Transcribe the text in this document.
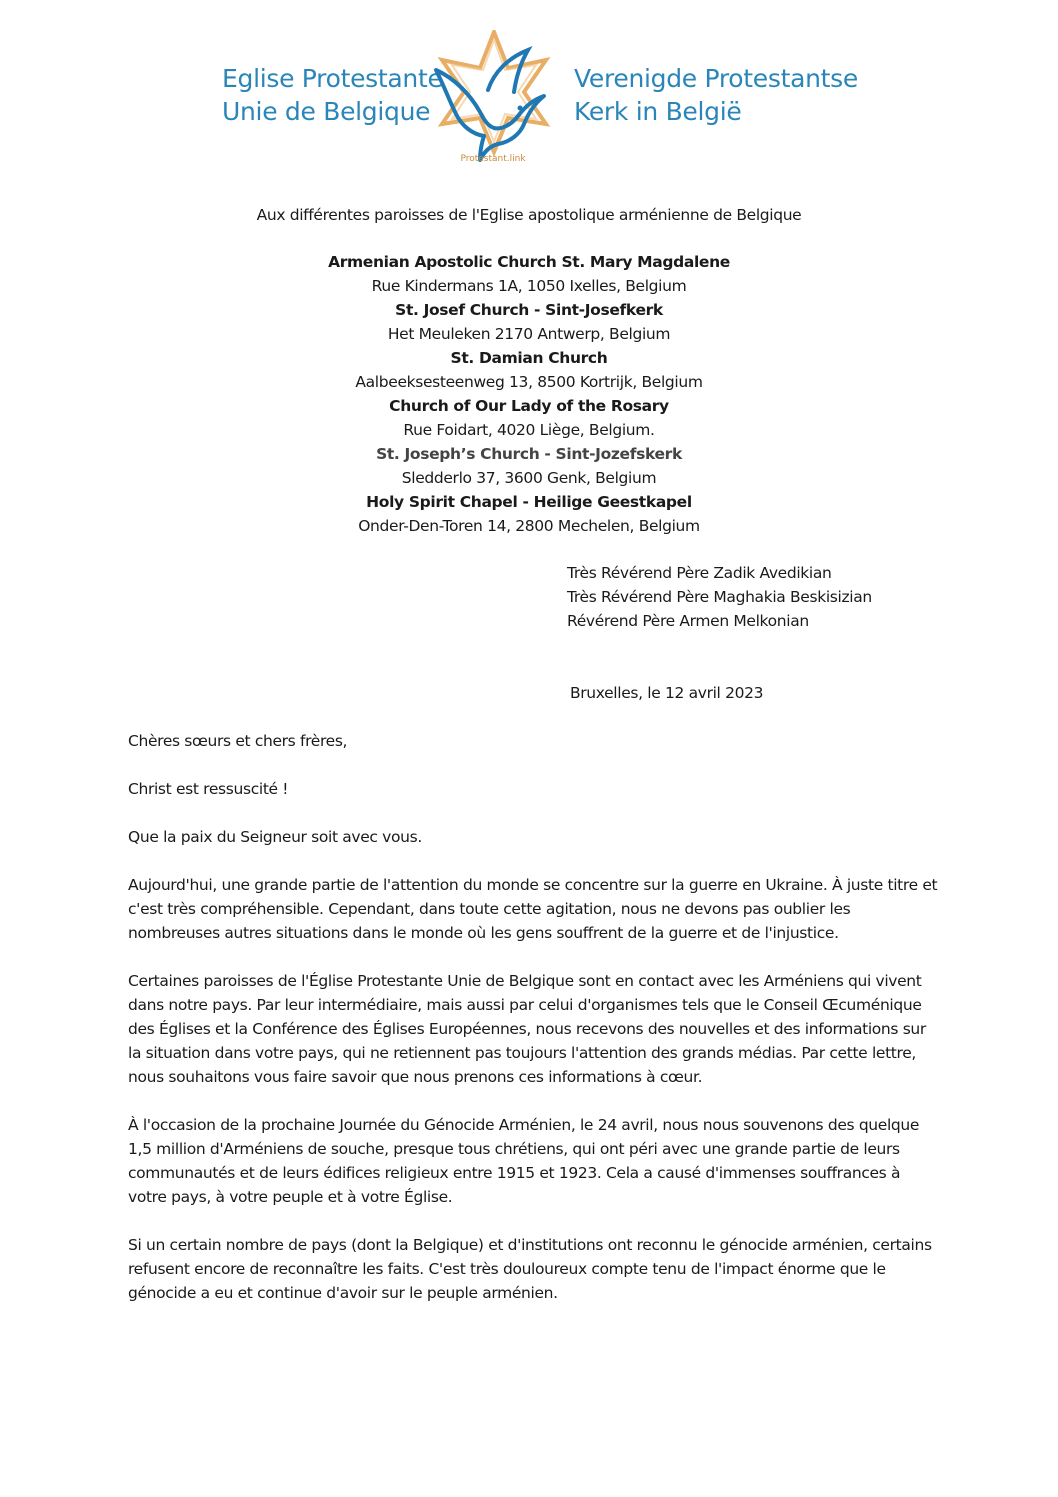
Eglise Protestante
Unie de Belgique
Protestant.link
Verenigde Protestantse
Kerk in België
Aux différentes paroisses de l'Eglise apostolique arménienne de Belgique
Armenian Apostolic Church St. Mary Magdalene
Rue Kindermans 1A, 1050 Ixelles, Belgium
St. Josef Church - Sint-Josefkerk
Het Meuleken 2170 Antwerp, Belgium
St. Damian Church
Aalbeeksesteenweg 13, 8500 Kortrijk, Belgium
Church of Our Lady of the Rosary
Rue Foidart, 4020 Liège, Belgium.
St. Joseph’s Church - Sint-Jozefskerk
Sledderlo 37, 3600 Genk, Belgium
Holy Spirit Chapel - Heilige Geestkapel
Onder-Den-Toren 14, 2800 Mechelen, Belgium
Très Révérend Père Zadik Avedikian
Très Révérend Père Maghakia Beskisizian
Révérend Père Armen Melkonian
Bruxelles, le 12 avril 2023

Chères sœurs et chers frères,

Christ est ressuscité !

Que la paix du Seigneur soit avec vous.

Aujourd'hui, une grande partie de l'attention du monde se concentre sur la guerre en Ukraine. À juste titre et c'est très compréhensible. Cependant, dans toute cette agitation, nous ne devons pas oublier les nombreuses autres situations dans le monde où les gens souffrent de la guerre et de l'injustice.

Certaines paroisses de l'Église Protestante Unie de Belgique sont en contact avec les Arméniens qui vivent dans notre pays. Par leur intermédiaire, mais aussi par celui d'organismes tels que le Conseil Œcuménique des Églises et la Conférence des Églises Européennes, nous recevons des nouvelles et des informations sur la situation dans votre pays, qui ne retiennent pas toujours l'attention des grands médias. Par cette lettre, nous souhaitons vous faire savoir que nous prenons ces informations à cœur.

À l'occasion de la prochaine Journée du Génocide Arménien, le 24 avril, nous nous souvenons des quelque 1,5 million d'Arméniens de souche, presque tous chrétiens, qui ont péri avec une grande partie de leurs communautés et de leurs édifices religieux entre 1915 et 1923. Cela a causé d'immenses souffrances à votre pays, à votre peuple et à votre Église.

Si un certain nombre de pays (dont la Belgique) et d'institutions ont reconnu le génocide arménien, certains refusent encore de reconnaître les faits. C'est très douloureux compte tenu de l'impact énorme que le génocide a eu et continue d'avoir sur le peuple arménien.
